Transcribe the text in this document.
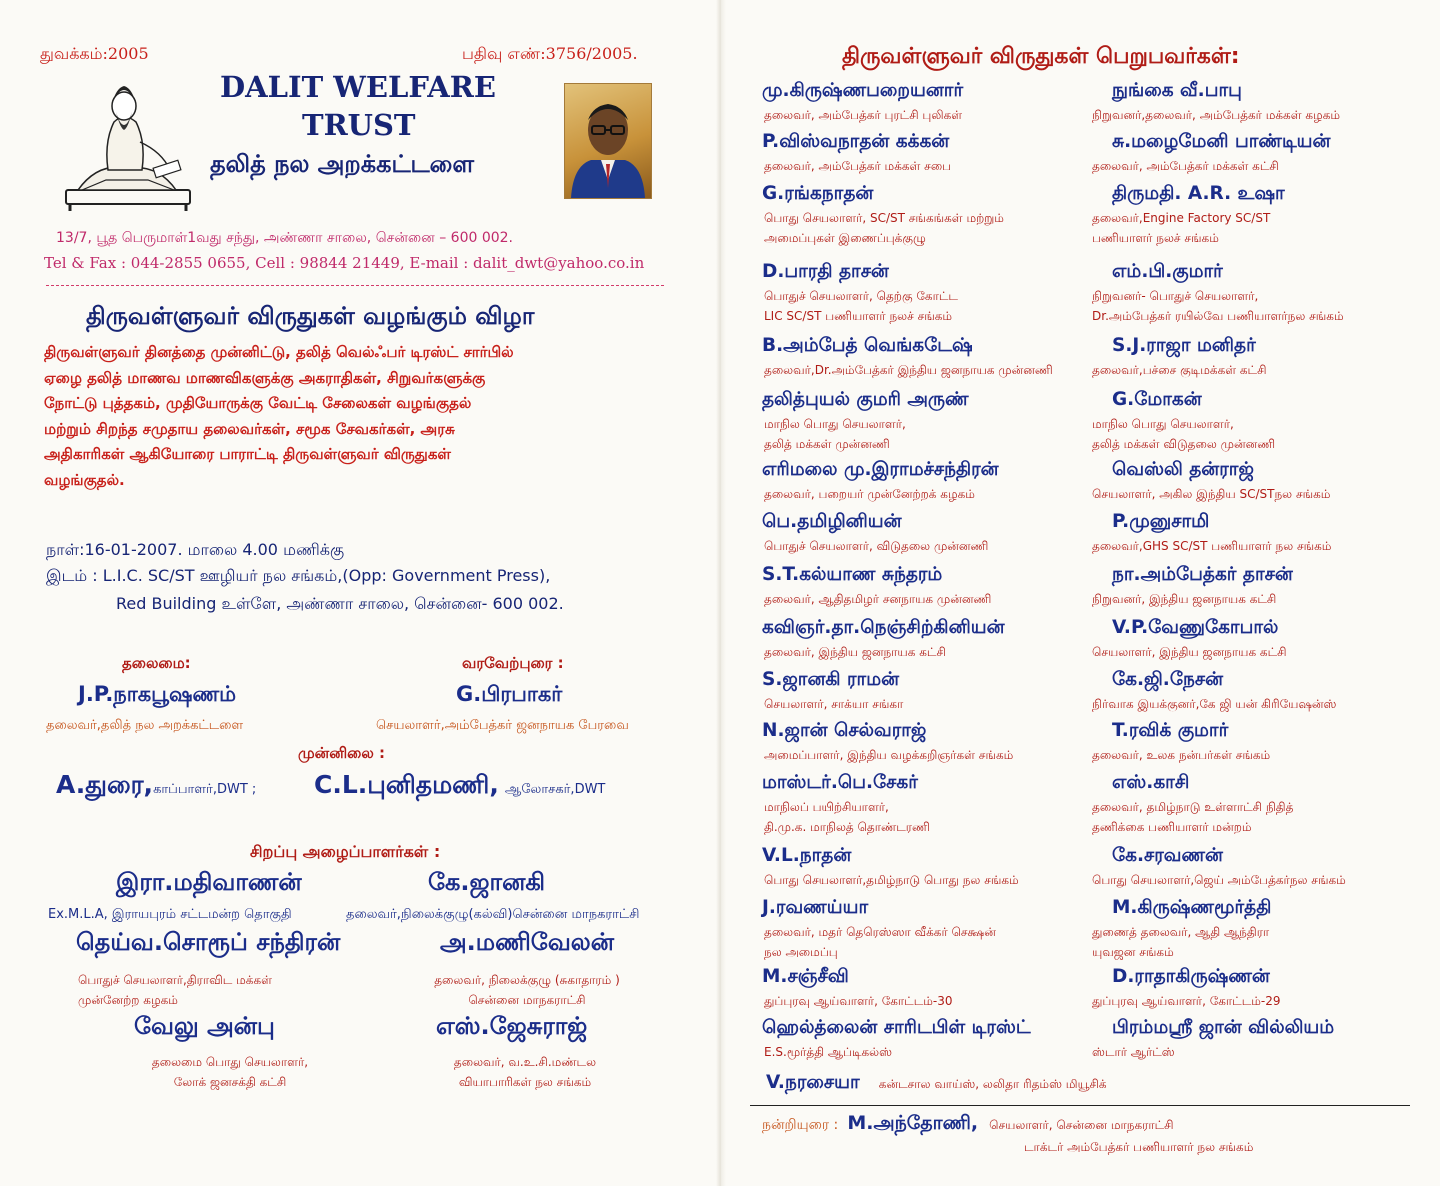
துவக்கம்:2005	பதிவு எண்:3756/2005.
DALIT WELFARE
TRUST
தலித் நல அறக்கட்டளை
13/7, பூத பெருமாள்1வது சந்து, அண்ணா சாலை, சென்னை – 600 002.
Tel & Fax : 044-2855 0655, Cell : 98844 21449, E-mail : dalit_dwt@yahoo.co.in
திருவள்ளுவர் விருதுகள் வழங்கும் விழா
திருவள்ளுவர் தினத்தை முன்னிட்டு, தலித் வெல்ஃபர் டிரஸ்ட் சார்பில்
ஏழை தலித் மாணவ மாணவிகளுக்கு அகராதிகள், சிறுவர்களுக்கு
நோட்டு புத்தகம், முதியோருக்கு வேட்டி சேலைகள் வழங்குதல்
மற்றும் சிறந்த சமுதாய தலைவர்கள், சமூக சேவகர்கள், அரசு
அதிகாரிகள் ஆகியோரை பாராட்டி திருவள்ளுவர் விருதுகள்
வழங்குதல்.
நாள்:16-01-2007. மாலை 4.00 மணிக்கு
இடம் : L.I.C. SC/ST ஊழியர் நல சங்கம்,(Opp: Government Press),
Red Building உள்ளே, அண்ணா சாலை, சென்னை- 600 002.
தலைமை:	வரவேற்புரை :
J.P.நாகபூஷணம்	G.பிரபாகர்
தலைவர்,தலித் நல அறக்கட்டளை	செயலாளர்,அம்பேத்கர் ஜனநாயக பேரவை
முன்னிலை :
A.துரை,காப்பாளர்,DWT ; C.L.புனிதமணி, ஆலோசகர்,DWT
சிறப்பு அழைப்பாளர்கள் :
இரா.மதிவாணன்	கே.ஜானகி
Ex.M.L.A, இராயபுரம் சட்டமன்ற தொகுதி	தலைவர்,நிலைக்குழு(கல்வி)சென்னை மாநகராட்சி
தெய்வ.சொரூப் சந்திரன்	அ.மணிவேலன்
பொதுச் செயலாளர்,திராவிட மக்கள்
முன்னேற்ற கழகம்
தலைவர், நிலைக்குழு (சுகாதாரம் )
சென்னை மாநகராட்சி
வேலு அன்பு	எஸ்.ஜேசுராஜ்
தலைமை பொது செயலாளர்,
லோக் ஜனசக்தி கட்சி
தலைவர், வ.உ.சி.மண்டல
வியாபாரிகள் நல சங்கம்
திருவள்ளுவர் விருதுகள் பெறுபவர்கள்:
மு.கிருஷ்ணபறையனார்
தலைவர், அம்பேத்கர் புரட்சி புலிகள்
நுங்கை வீ.பாபு
நிறுவனர்,தலைவர், அம்பேத்கர் மக்கள் கழகம்
P.விஸ்வநாதன் கக்கன்
தலைவர், அம்பேத்கர் மக்கள் சபை
சு.மழைமேனி பாண்டியன்
தலைவர், அம்பேத்கர் மக்கள் கட்சி
G.ரங்கநாதன்
பொது செயலாளர், SC/ST சங்கங்கள் மற்றும்
அமைப்புகள் இணைப்புக்குழு
திருமதி. A.R. உஷா
தலைவர்,Engine Factory SC/ST
பணியாளர் நலச் சங்கம்
D.பாரதி தாசன்
பொதுச் செயலாளர், தெற்கு கோட்ட
LIC SC/ST பணியாளர் நலச் சங்கம்
எம்.பி.குமார்
நிறுவனர்- பொதுச் செயலாளர்,
Dr.அம்பேத்கர் ரயில்வே பணியாளர்நல சங்கம்
B.அம்பேத் வெங்கடேஷ்
தலைவர்,Dr.அம்பேத்கர் இந்திய ஜனநாயக முன்னணி
S.J.ராஜா மனிதர்
தலைவர்,பச்சை குடிமக்கள் கட்சி
தலித்புயல் குமரி அருண்
மாநில பொது செயலாளர்,
தலித் மக்கள் முன்னணி
G.மோகன்
மாநில பொது செயலாளர்,
தலித் மக்கள் விடுதலை முன்னணி
எரிமலை மு.இராமச்சந்திரன்
தலைவர், பறையர் முன்னேற்றக் கழகம்
வெஸ்லி தன்ராஜ்
செயலாளர், அகில இந்திய SC/STநல சங்கம்
பெ.தமிழினியன்
பொதுச் செயலாளர், விடுதலை முன்னணி
P.முனுசாமி
தலைவர்,GHS SC/ST பணியாளர் நல சங்கம்
S.T.கல்யாண சுந்தரம்
தலைவர், ஆதிதமிழர் சனநாயக முன்னணி
நா.அம்பேத்கர் தாசன்
நிறுவனர், இந்திய ஜனநாயக கட்சி
கவிஞர்.தா.நெஞ்சிற்கினியன்
தலைவர், இந்திய ஜனநாயக கட்சி
V.P.வேணுகோபால்
செயலாளர், இந்திய ஜனநாயக கட்சி
S.ஜானகி ராமன்
செயலாளர், சாக்யா சங்கா
கே.ஜி.நேசன்
நிர்வாக இயக்குனர்,கே ஜி யன் கிரியேஷன்ஸ்
N.ஜான் செல்வராஜ்
அமைப்பாளர், இந்திய வழக்கறிஞர்கள் சங்கம்
T.ரவிக் குமார்
தலைவர், உலக நன்பர்கள் சங்கம்
மாஸ்டர்.பெ.சேகர்
மாநிலப் பயிற்சியாளர்,
தி.மு.க. மாநிலத் தொண்டரணி
எஸ்.காசி
தலைவர், தமிழ்நாடு உள்ளாட்சி நிதித்
தணிக்கை பணியாளர் மன்றம்
V.L.நாதன்
பொது செயலாளர்,தமிழ்நாடு பொது நல சங்கம்
கே.சரவணன்
பொது செயலாளர்,ஜெய் அம்பேத்கர்நல சங்கம்
J.ரவணய்யா
தலைவர், மதர் தெரெஸ்ஸா வீக்கர் செக்ஷன்
நல அமைப்பு
M.கிருஷ்ணமூர்த்தி
துணைத் தலைவர், ஆதி ஆந்திரா
யுவஜன சங்கம்
M.சஞ்சீவி
துப்புரவு ஆய்வாளர், கோட்டம்-30
D.ராதாகிருஷ்ணன்
துப்புரவு ஆய்வாளர், கோட்டம்-29
ஹெல்த்லைன் சாரிடபிள் டிரஸ்ட்
E.S.மூர்த்தி ஆப்டிகல்ஸ்
பிரம்மஸ்ரீ ஜான் வில்லியம்
ஸ்டார் ஆர்ட்ஸ்
V.நரசையா கன்டசால வாய்ஸ், லலிதா ரிதம்ஸ் மியூசிக்
நன்றியுரை : M.அந்தோணி, செயலாளர், சென்னை மாநகராட்சி
டாக்டர் அம்பேத்கர் பணியாளர் நல சங்கம்
